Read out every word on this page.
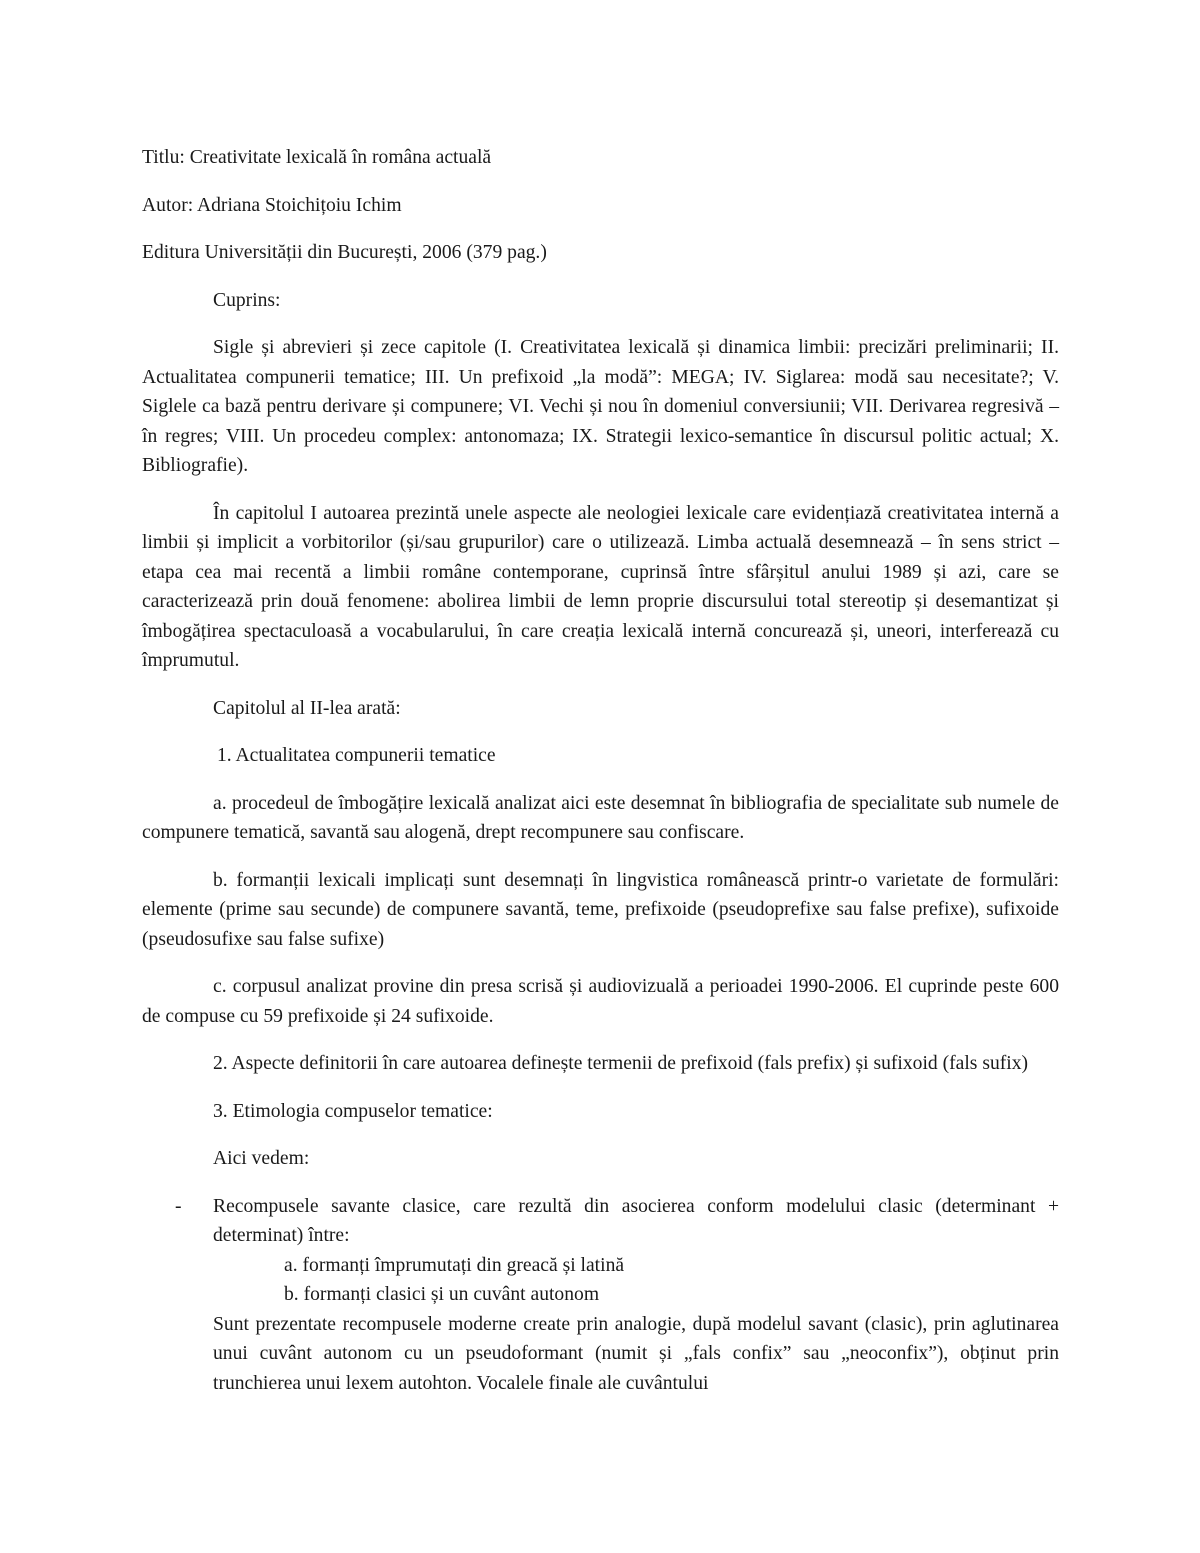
Titlu: Creativitate lexicală în româna actuală
Autor: Adriana Stoichițoiu Ichim
Editura Universității din București, 2006 (379 pag.)
Cuprins:
Sigle și abrevieri și zece capitole (I. Creativitatea lexicală și dinamica limbii: precizări preliminarii; II. Actualitatea compunerii tematice; III. Un prefixoid „la modă”: MEGA; IV. Siglarea: modă sau necesitate?; V. Siglele ca bază pentru derivare și compunere; VI. Vechi și nou în domeniul conversiunii; VII. Derivarea regresivă – în regres; VIII. Un procedeu complex: antonomaza; IX. Strategii lexico-semantice în discursul politic actual; X. Bibliografie).
În capitolul I autoarea prezintă unele aspecte ale neologiei lexicale care evidențiază creativitatea internă a limbii și implicit a vorbitorilor (și/sau grupurilor) care o utilizează. Limba actuală desemnează – în sens strict – etapa cea mai recentă a limbii române contemporane, cuprinsă între sfârșitul anului 1989 și azi, care se caracterizează prin două fenomene: abolirea limbii de lemn proprie discursului total stereotip și desemantizat și îmbogățirea spectaculoasă a vocabularului, în care creația lexicală internă concurează și, uneori, interferează cu împrumutul.
Capitolul al II-lea arată:
1. Actualitatea compunerii tematice
a. procedeul de îmbogățire lexicală analizat aici este desemnat în bibliografia de specialitate sub numele de compunere tematică, savantă sau alogenă, drept recompunere sau confiscare.
b. formanții lexicali implicați sunt desemnați în lingvistica românească printr-o varietate de formulări: elemente (prime sau secunde) de compunere savantă, teme, prefixoide (pseudoprefixe sau false prefixe), sufixoide (pseudosufixe sau false sufixe)
c. corpusul analizat provine din presa scrisă și audiovizuală a perioadei 1990-2006. El cuprinde peste 600 de compuse cu 59 prefixoide și 24 sufixoide.
2. Aspecte definitorii în care autoarea definește termenii de prefixoid (fals prefix) și sufixoid (fals sufix)
3. Etimologia compuselor tematice:
Aici vedem:
- Recompusele savante clasice, care rezultă din asocierea conform modelului clasic (determinant + determinat) între:
a. formanți împrumutați din greacă și latină
b. formanți clasici și un cuvânt autonom
Sunt prezentate recompusele moderne create prin analogie, după modelul savant (clasic), prin aglutinarea unui cuvânt autonom cu un pseudoformant (numit și „fals confix” sau „neoconfix”), obținut prin trunchierea unui lexem autohton. Vocalele finale ale cuvântului
